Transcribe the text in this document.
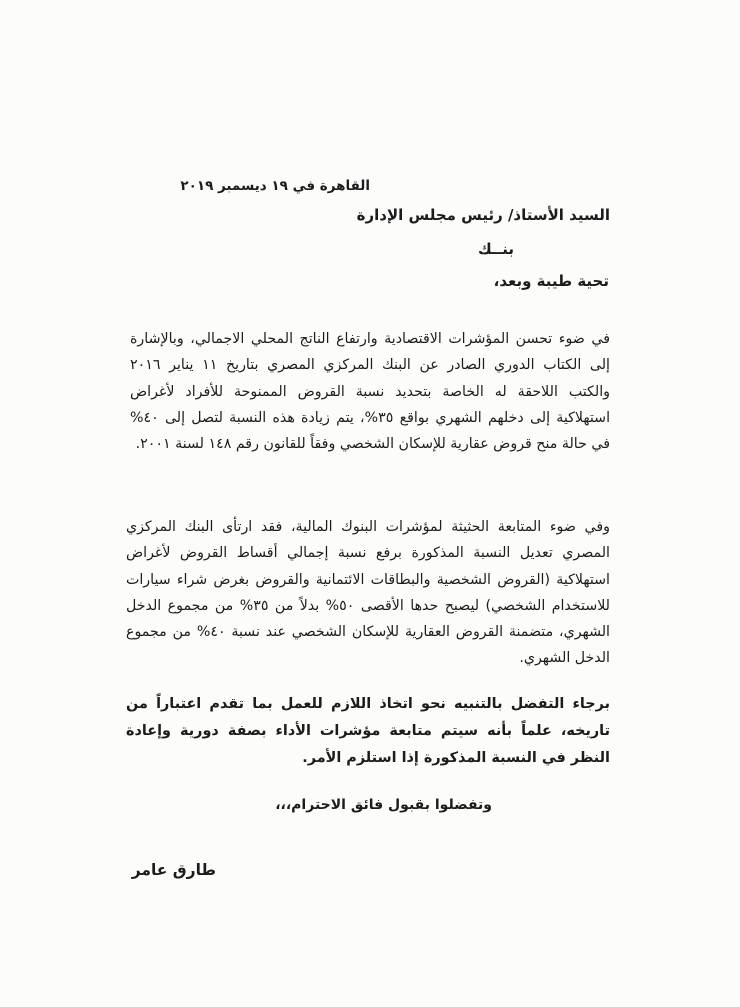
القاهرة في ١٩ ديسمبر ٢٠١٩

السيد الأستاذ/ رئيس مجلس الإدارة

بنــك

تحية طيبة وبعد،

في ضوء تحسن المؤشرات الاقتصادية وارتفاع الناتج المحلي الاجمالي، وبالإشارة إلى الكتاب الدوري الصادر عن البنك المركزي المصري بتاريخ ١١ يناير ٢٠١٦ والكتب اللاحقة له الخاصة بتحديد نسبة القروض الممنوحة للأفراد لأغراض استهلاكية إلى دخلهم الشهري بواقع ٣٥%، يتم زيادة هذه النسبة لتصل إلى ٤٠% في حالة منح قروض عقارية للإسكان الشخصي وفقاً للقانون رقم ١٤٨ لسنة ٢٠٠١.

وفي ضوء المتابعة الحثيثة لمؤشرات البنوك المالية، فقد ارتأى البنك المركزي المصري تعديل النسبة المذكورة برفع نسبة إجمالي أقساط القروض لأغراض استهلاكية (القروض الشخصية والبطاقات الائتمانية والقروض بغرض شراء سيارات للاستخدام الشخصي) ليصبح حدها الأقصى ٥٠% بدلاً من ٣٥% من مجموع الدخل الشهري، متضمنة القروض العقارية للإسكان الشخصي عند نسبة ٤٠% من مجموع الدخل الشهري.

برجاء التفضل بالتنبيه نحو اتخاذ اللازم للعمل بما تقدم اعتباراً من تاريخه، علماً بأنه سيتم متابعة مؤشرات الأداء بصفة دورية وإعادة النظر في النسبة المذكورة إذا استلزم الأمر.

وتفضلوا بقبول فائق الاحترام،،،

طارق عامر
